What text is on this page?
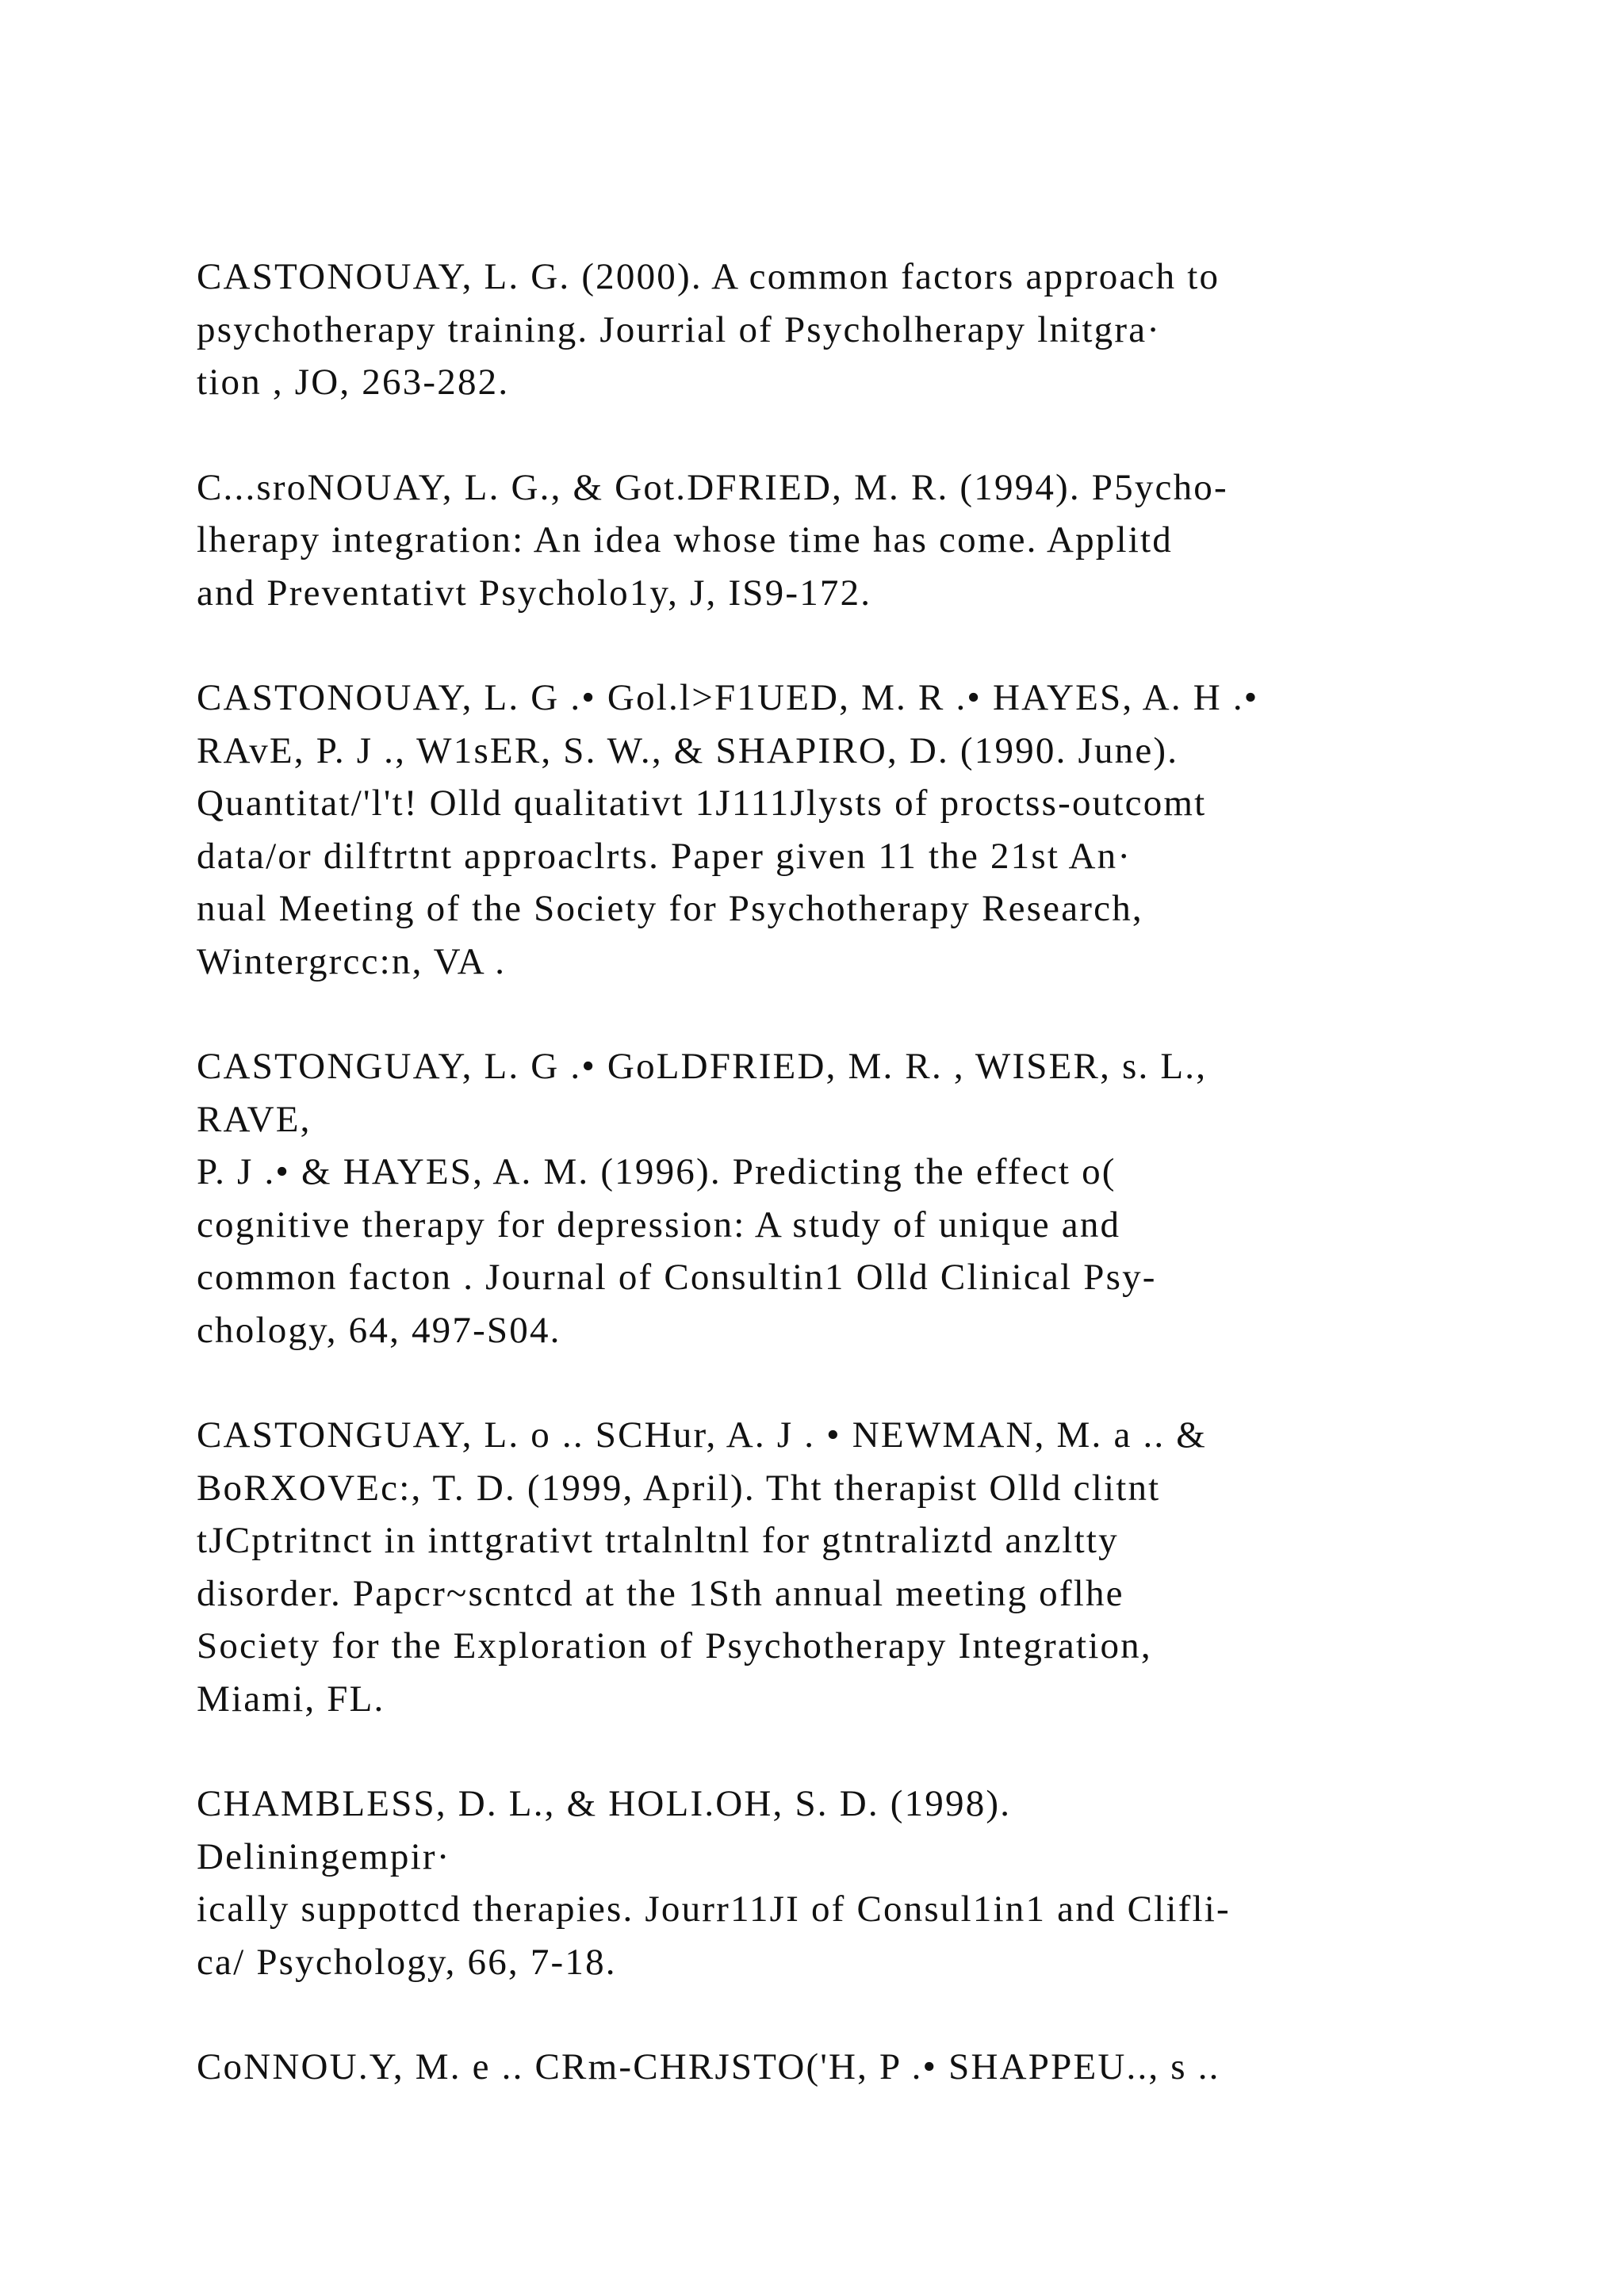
CASTONOUAY, L. G. (2000). A common factors approach to
psychotherapy training. Jourrial of Psycholherapy lnitgra·
tion , JO, 263-282.
C...sroNOUAY, L. G., & Got.DFRIED, M. R. (1994). P5ycho-
lherapy integration: An idea whose time has come. Applitd
and Preventativt Psycholo1y, J, IS9-172.
CASTONOUAY, L. G .• Gol.l>F1UED, M. R .• HAYES, A. H .•
RAvE, P. J ., W1sER, S. W., & SHAPIRO, D. (1990. June).
Quantitat/'l't! Olld qualitativt 1J111Jlysts of proctss-outcomt
data/or dilftrtnt approaclrts. Paper given 11 the 21st An·
nual Meeting of the Society for Psychotherapy Research,
Wintergrcc:n, VA .
CASTONGUAY, L. G .• GoLDFRIED, M. R. , WISER, s. L.,
RAVE,
P. J .• & HAYES, A. M. (1996). Predicting the effect o(
cognitive therapy for depression: A study of unique and
common facton . Journal of Consultin1 Olld Clinical Psy-
chology, 64, 497-S04.
CASTONGUAY, L. o .. SCHur, A. J . • NEWMAN, M. a .. &
BoRXOVEc:, T. D. (1999, April). Tht therapist Olld clitnt
tJCptritnct in inttgrativt trtalnltnl for gtntraliztd anzltty
disorder. Papcr~scntcd at the 1Sth annual meeting oflhe
Society for the Exploration of Psychotherapy Integration,
Miami, FL.
CHAMBLESS, D. L., & HOLI.OH, S. D. (1998).
Deliningempir·
ically suppottcd therapies. Jourr11JI of Consul1in1 and Clifli-
ca/ Psychology, 66, 7-18.
CoNNOU.Y, M. e .. CRm-CHRJSTO('H, P .• SHAPPEU.., s ..
